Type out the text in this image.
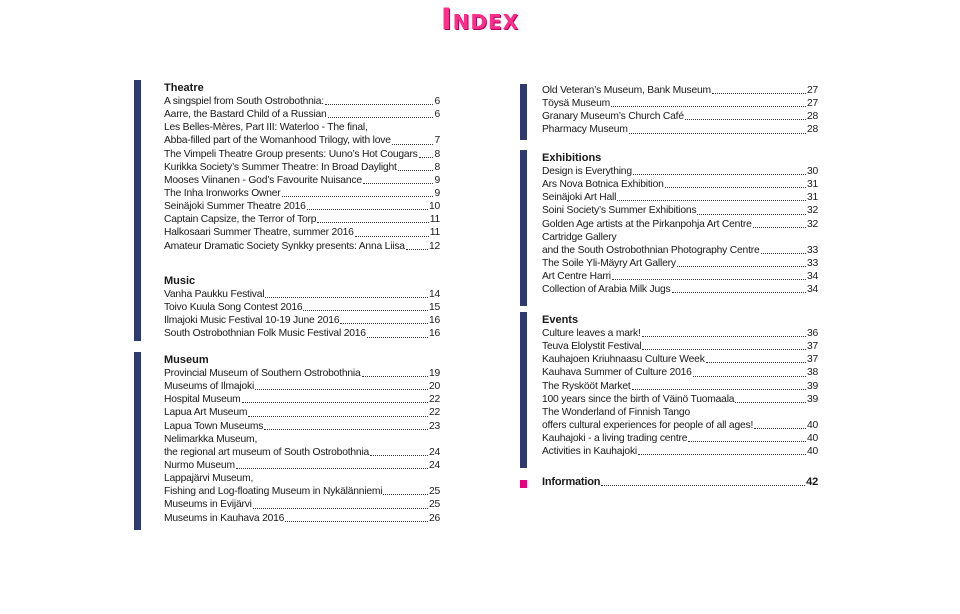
Index
Theatre
A singspiel from South Ostrobothnia:	6
Aarre, the Bastard Child of a Russian	6
Les Belles-Mères, Part III: Waterloo - The final,
Abba-filled part of the Womanhood Trilogy, with love	7
The Vimpeli Theatre Group presents: Uuno’s Hot Cougars 8
Kurikka Society’s Summer Theatre: In Broad Daylight	8
Mooses Viinanen - God’s Favourite Nuisance	9
The Inha Ironworks Owner	9
Seinäjoki Summer Theatre 2016	10
Captain Capsize, the Terror of Torp	11
Halkosaari Summer Theatre, summer 2016	11
Amateur Dramatic Society Synkky presents: Anna Liisa 12
Music
Vanha Paukku Festival	14
Toivo Kuula Song Contest 2016	15
Ilmajoki Music Festival 10-19 June 2016	16
South Ostrobothnian Folk Music Festival 2016	16
Museum
Provincial Museum of Southern Ostrobothnia	19
Museums of Ilmajoki	20
Hospital Museum	22
Lapua Art Museum	22
Lapua Town Museums	23
Nelimarkka Museum,
the regional art museum of South Ostrobothnia	24
Nurmo Museum	24
Lappajärvi Museum,
Fishing and Log-floating Museum in Nykälänniemi	25
Museums in Evijärvi	25
Museums in Kauhava 2016	26
Old Veteran’s Museum, Bank Museum	27
Töysä Museum	27
Granary Museum’s Church Café	28
Pharmacy Museum	28
Exhibitions
Design is Everything	30
Ars Nova Botnica Exhibition	31
Seinäjoki Art Hall	31
Soini Society’s Summer Exhibitions	32
Golden Age artists at the Pirkanpohja Art Centre	32
Cartridge Gallery
and the South Ostrobothnian Photography Centre	33
The Soile Yli-Mäyry Art Gallery	33
Art Centre Harri	34
Collection of Arabia Milk Jugs	34
Events
Culture leaves a mark!	36
Teuva Elolystit Festival	37
Kauhajoen Kriuhnaasu Culture Week	37
Kauhava Summer of Culture 2016	38
The Ryskööt Market	39
100 years since the birth of Väinö Tuomaala	39
The Wonderland of Finnish Tango
offers cultural experiences for people of all ages!	40
Kauhajoki - a living trading centre	40
Activities in Kauhajoki	40
Information	42
